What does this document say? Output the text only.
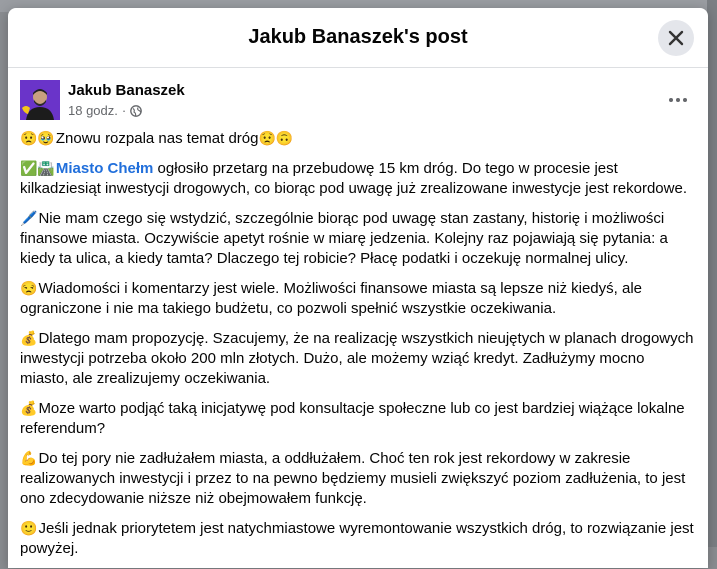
Jakub Banaszek's post
Jakub Banaszek
18 godz. ·
😟🥹Znowu rozpala nas temat dróg😟🙃
✅🛣️Miasto Chełm ogłosiło przetarg na przebudowę 15 km dróg. Do tego w procesie jest kilkadziesiąt inwestycji drogowych, co biorąc pod uwagę już zrealizowane inwestycje jest rekordowe.
🖊️Nie mam czego się wstydzić, szczególnie biorąc pod uwagę stan zastany, historię i możliwości finansowe miasta. Oczywiście apetyt rośnie w miarę jedzenia. Kolejny raz pojawiają się pytania: a kiedy ta ulica, a kiedy tamta? Dlaczego tej robicie? Płacę podatki i oczekuję normalnej ulicy.
😒Wiadomości i komentarzy jest wiele. Możliwości finansowe miasta są lepsze niż kiedyś, ale ograniczone i nie ma takiego budżetu, co pozwoli spełnić wszystkie oczekiwania.
💰Dlatego mam propozycję. Szacujemy, że na realizację wszystkich nieujętych w planach drogowych inwestycji potrzeba około 200 mln złotych. Dużo, ale możemy wziąć kredyt. Zadłużymy mocno miasto, ale zrealizujemy oczekiwania.
💰Moze warto podjąć taką inicjatywę pod konsultacje społeczne lub co jest bardziej wiążące lokalne referendum?
💪Do tej pory nie zadłużałem miasta, a oddłużałem. Choć ten rok jest rekordowy w zakresie realizowanych inwestycji i przez to na pewno będziemy musieli zwiększyć poziom zadłużenia, to jest ono zdecydowanie niższe niż obejmowałem funkcję.
🙂Jeśli jednak priorytetem jest natychmiastowe wyremontowanie wszystkich dróg, to rozwiązanie jest powyżej.
